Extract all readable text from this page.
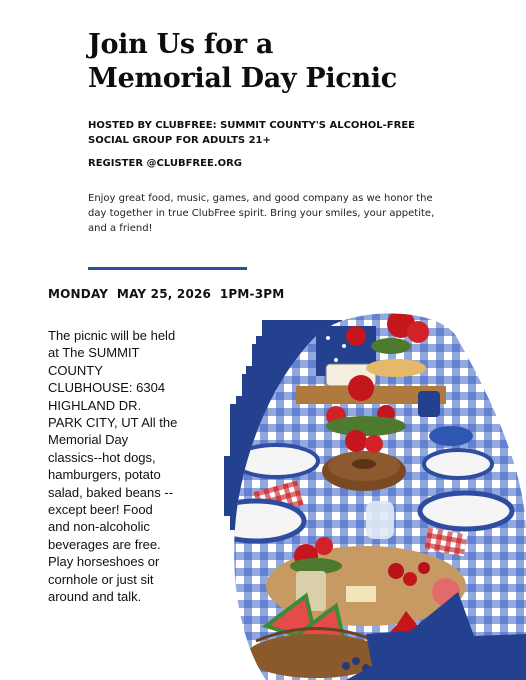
Join Us for a
Memorial Day Picnic
HOSTED BY CLUBFREE: SUMMIT COUNTY'S ALCOHOL-FREE SOCIAL GROUP FOR ADULTS 21+
REGISTER @CLUBFREE.ORG
Enjoy great food, music, games, and good company as we honor the day together in true ClubFree spirit. Bring your smiles, your appetite, and a friend!
MONDAY  MAY 25, 2026  1PM-3PM
The picnic will be held at The SUMMIT COUNTY CLUBHOUSE: 6304 HIGHLAND DR. PARK CITY, UT All the Memorial Day classics--hot dogs, hamburgers, potato salad, baked beans --except beer! Food and non-alcoholic beverages are free. Play horseshoes or cornhole or just sit around and talk.
